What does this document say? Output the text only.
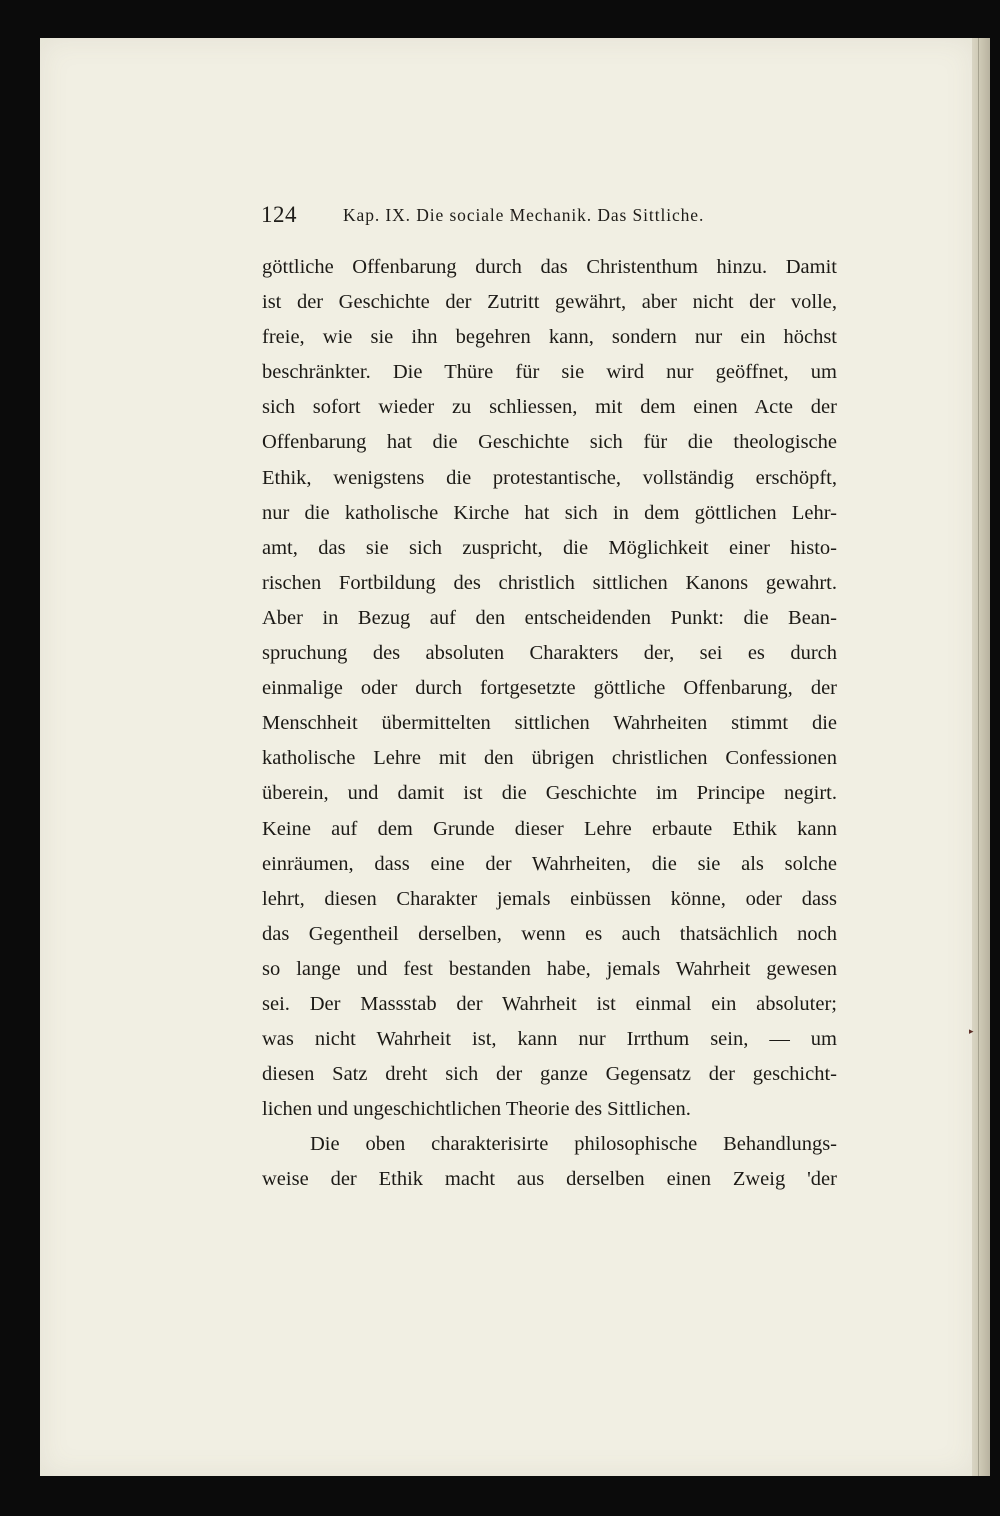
124	Kap. IX. Die sociale Mechanik. Das Sittliche.
göttliche Offenbarung durch das Christenthum hinzu. Damit
ist der Geschichte der Zutritt gewährt, aber nicht der volle,
freie, wie sie ihn begehren kann, sondern nur ein höchst
beschränkter. Die Thüre für sie wird nur geöffnet, um
sich sofort wieder zu schliessen, mit dem einen Acte der
Offenbarung hat die Geschichte sich für die theologische
Ethik, wenigstens die protestantische, vollständig erschöpft,
nur die katholische Kirche hat sich in dem göttlichen Lehr-
amt, das sie sich zuspricht, die Möglichkeit einer histo-
rischen Fortbildung des christlich sittlichen Kanons gewahrt.
Aber in Bezug auf den entscheidenden Punkt: die Bean-
spruchung des absoluten Charakters der, sei es durch
einmalige oder durch fortgesetzte göttliche Offenbarung, der
Menschheit übermittelten sittlichen Wahrheiten stimmt die
katholische Lehre mit den übrigen christlichen Confessionen
überein, und damit ist die Geschichte im Principe negirt.
Keine auf dem Grunde dieser Lehre erbaute Ethik kann
einräumen, dass eine der Wahrheiten, die sie als solche
lehrt, diesen Charakter jemals einbüssen könne, oder dass
das Gegentheil derselben, wenn es auch thatsächlich noch
so lange und fest bestanden habe, jemals Wahrheit gewesen
sei. Der Massstab der Wahrheit ist einmal ein absoluter;
was nicht Wahrheit ist, kann nur Irrthum sein, — um
diesen Satz dreht sich der ganze Gegensatz der geschicht-
lichen und ungeschichtlichen Theorie des Sittlichen.
Die oben charakterisirte philosophische Behandlungs-
weise der Ethik macht aus derselben einen Zweig 'der
▸
